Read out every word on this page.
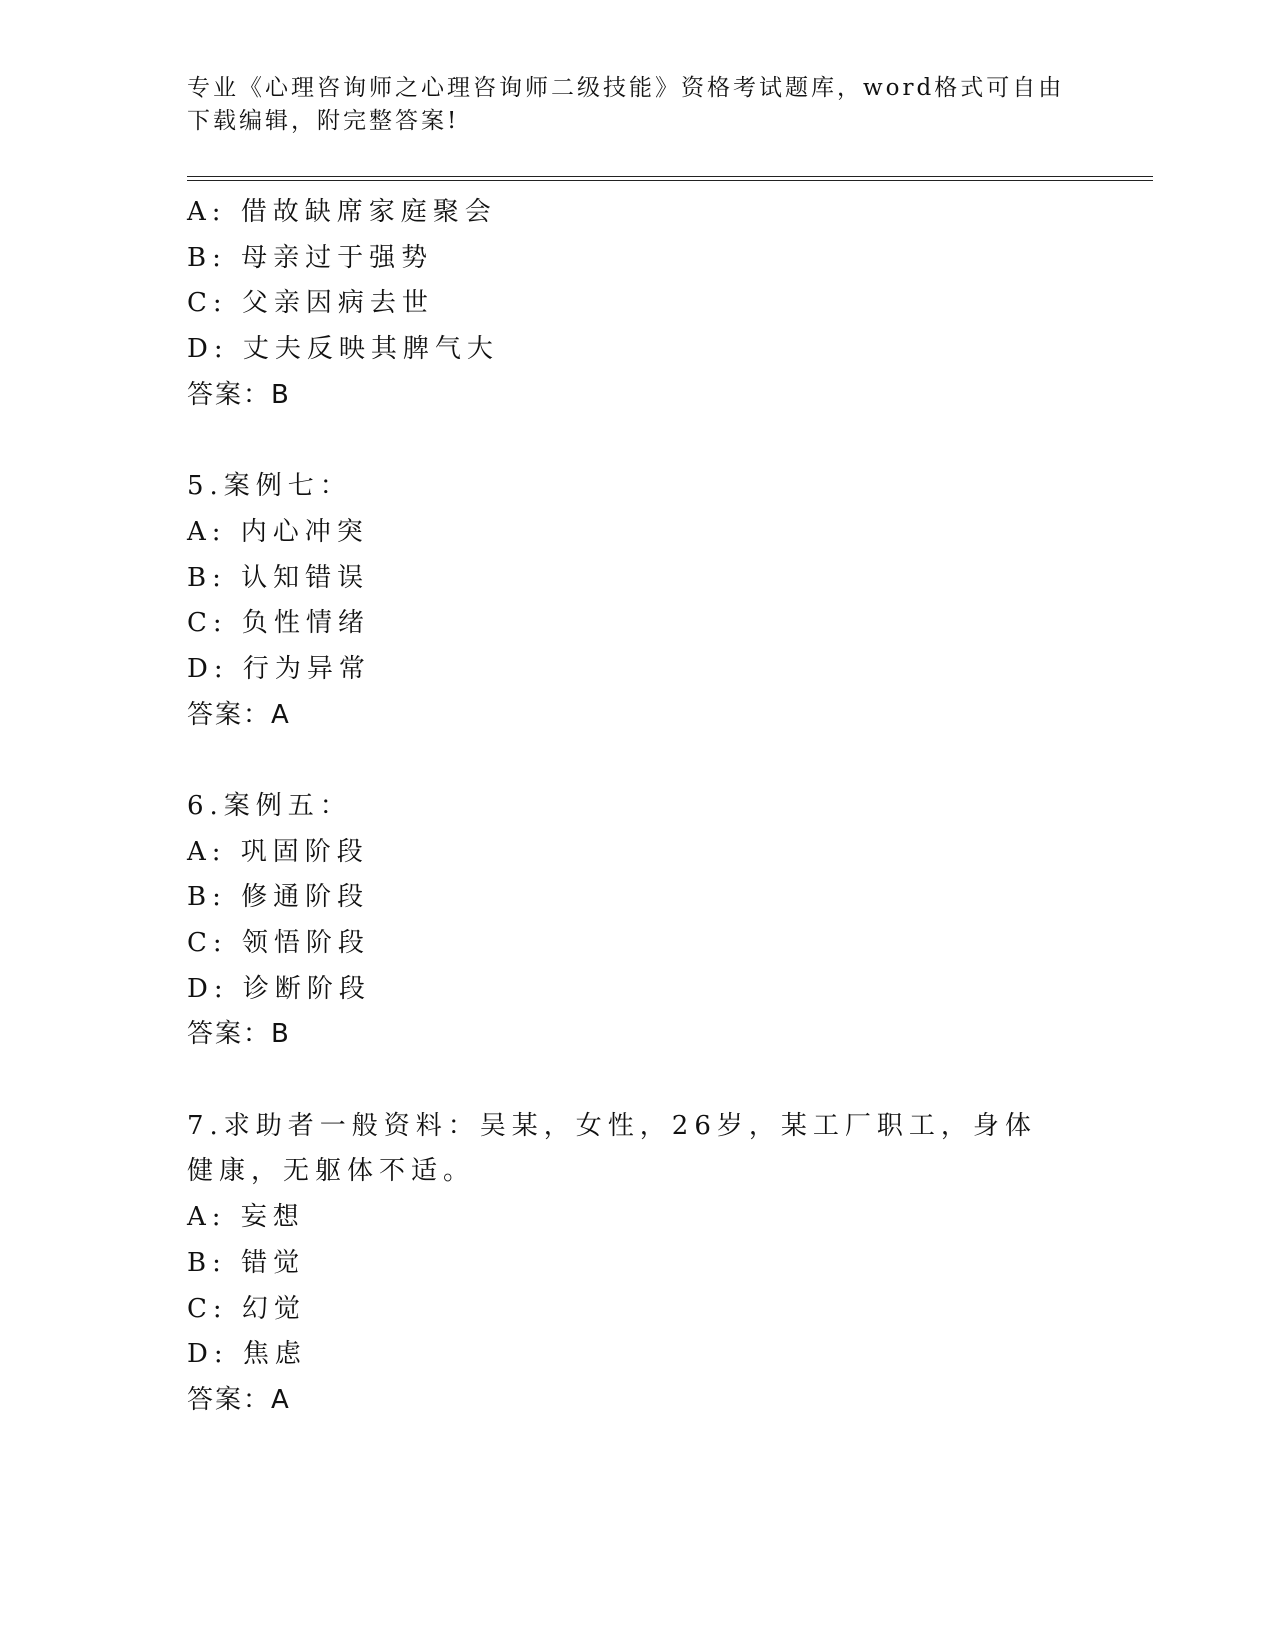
专业《心理咨询师之心理咨询师二级技能》资格考试题库，word格式可自由下载编辑，附完整答案!
A: 借故缺席家庭聚会
B: 母亲过于强势
C: 父亲因病去世
D: 丈夫反映其脾气大
答案：B
5.案例七：
A: 内心冲突
B: 认知错误
C: 负性情绪
D: 行为异常
答案：A
6.案例五：
A: 巩固阶段
B: 修通阶段
C: 领悟阶段
D: 诊断阶段
答案：B
7.求助者一般资料：吴某，女性，26岁，某工厂职工，身体健康，无躯体不适。
A: 妄想
B: 错觉
C: 幻觉
D: 焦虑
答案：A
